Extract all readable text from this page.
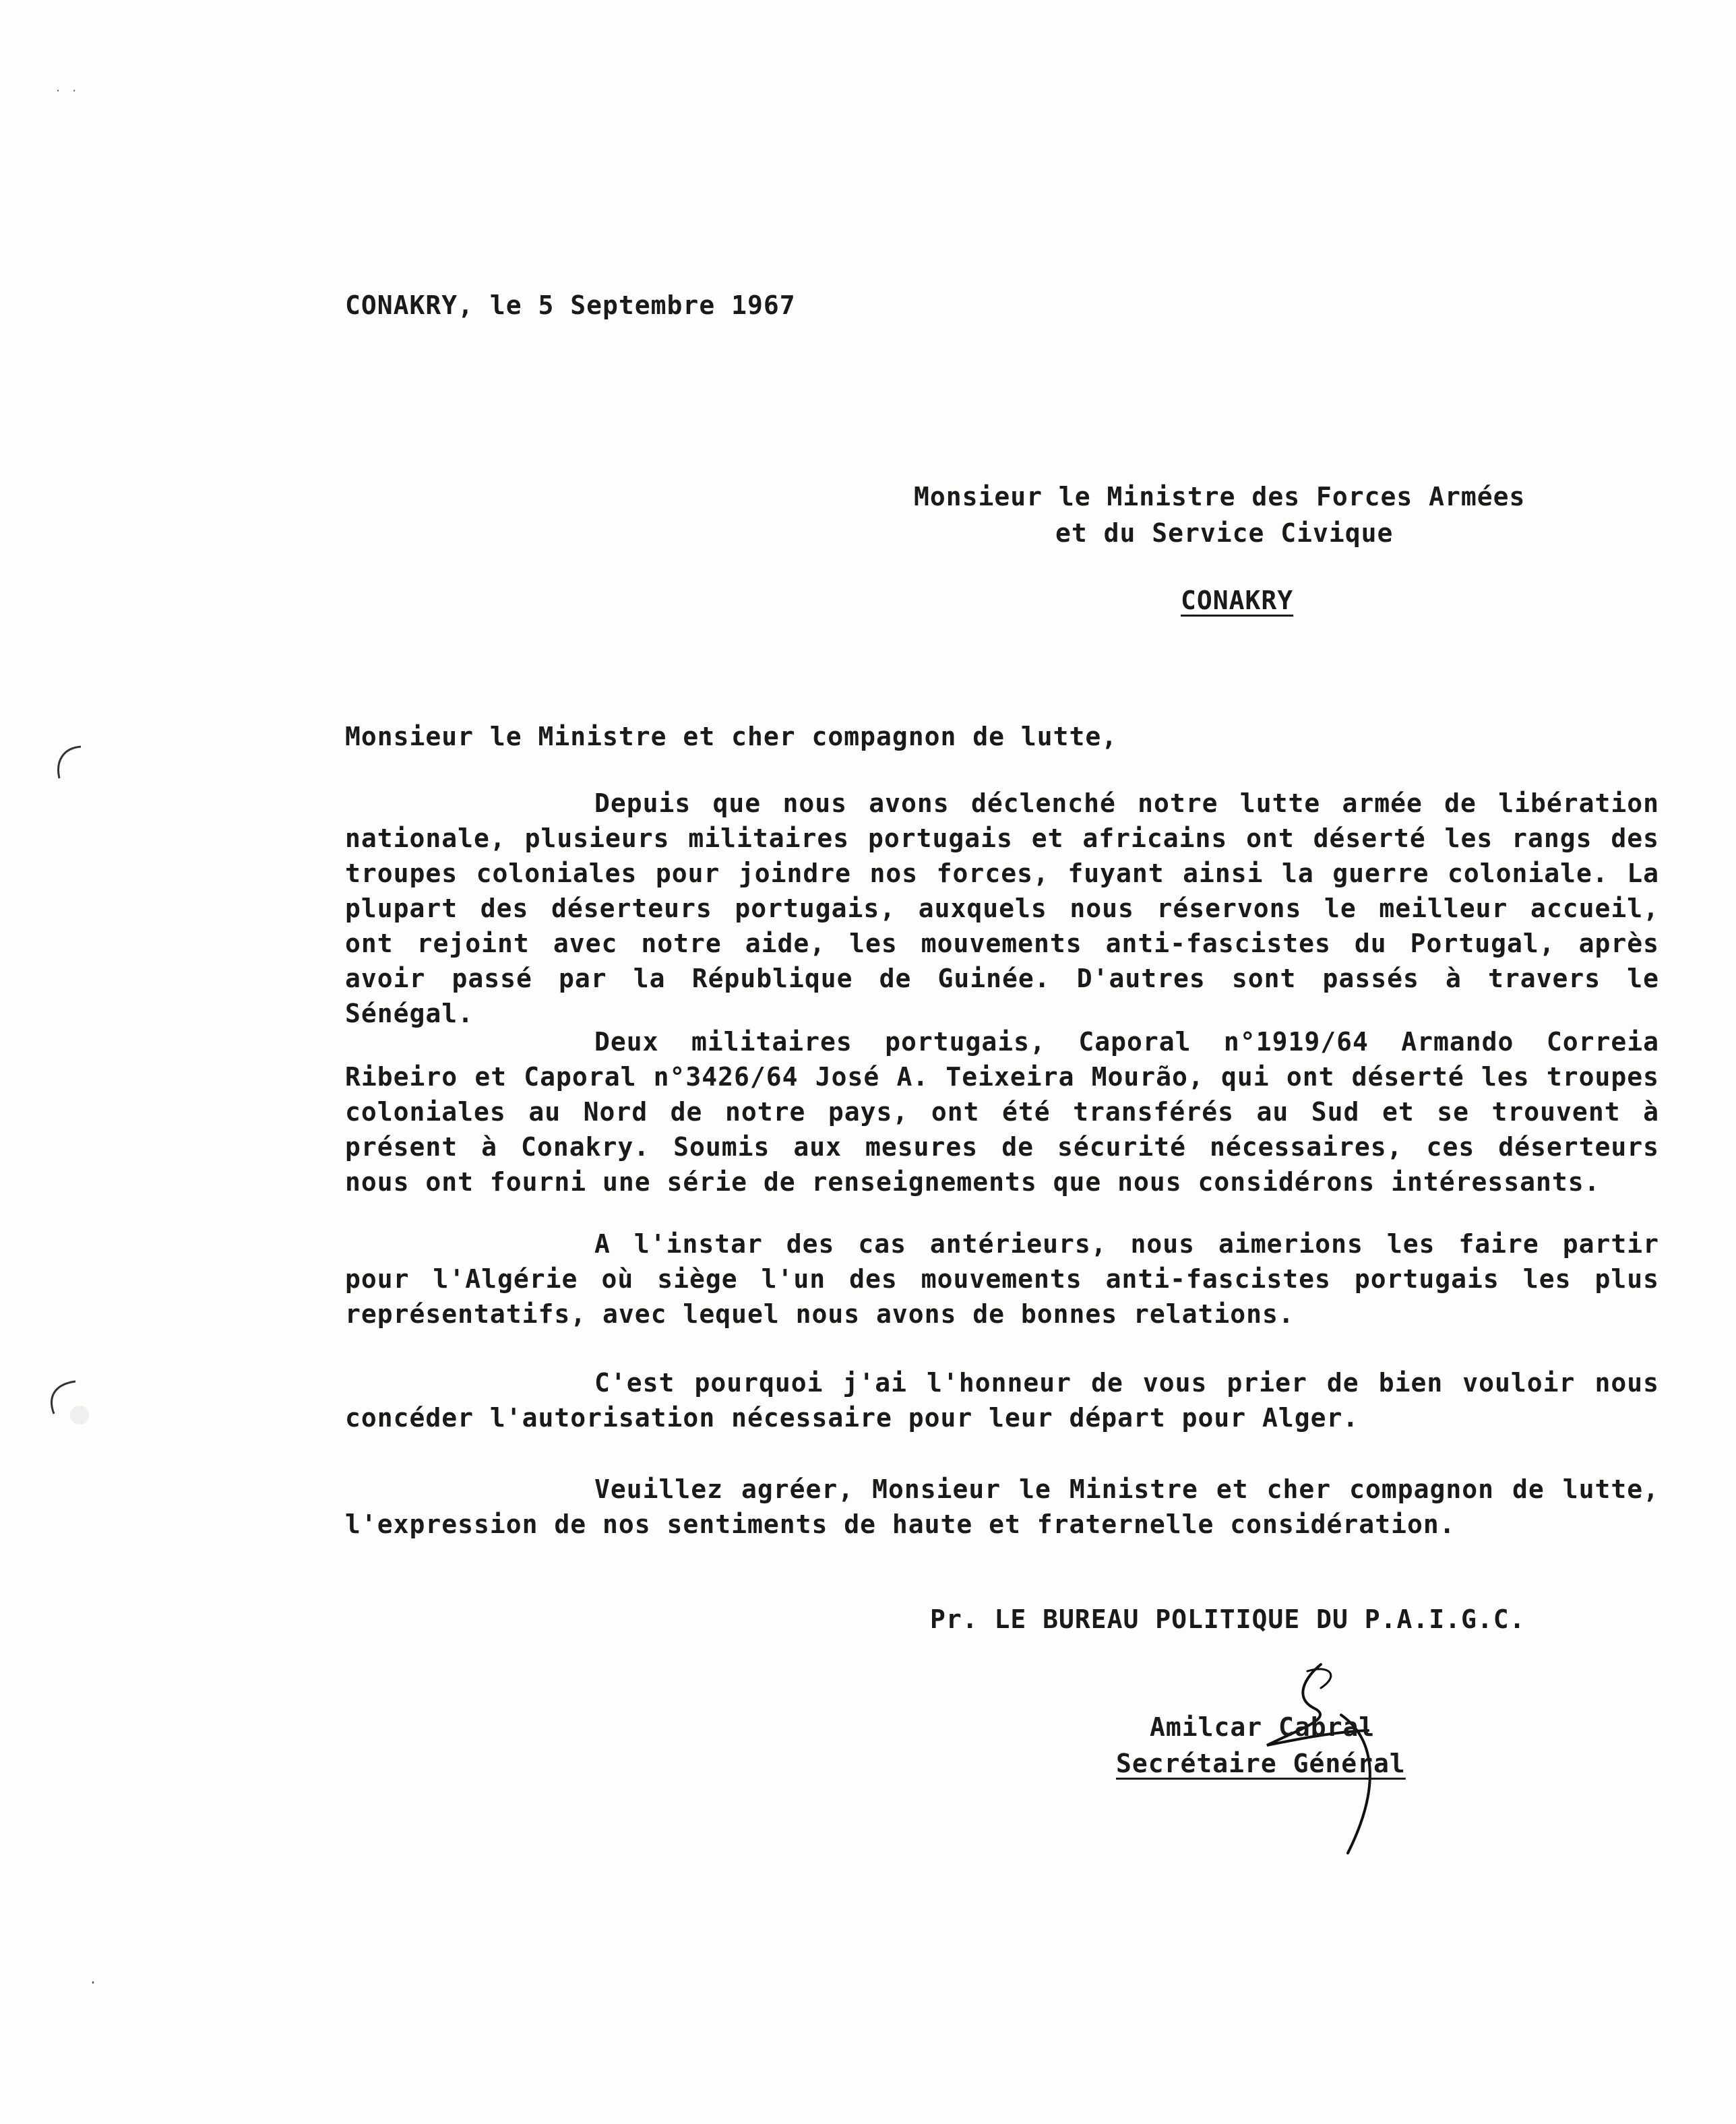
˙ ˙
CONAKRY, le 5 Septembre 1967
Monsieur le Ministre des Forces Armées
et du Service Civique
CONAKRY
Monsieur le Ministre et cher compagnon de lutte,

Depuis que nous avons déclenché notre lutte armée de libération nationale, plusieurs militaires portugais et africains ont déserté les rangs des troupes coloniales pour joindre nos forces, fuyant ainsi la guerre coloniale. La plupart des déserteurs portugais, auxquels nous réservons le meilleur accueil, ont rejoint avec notre aide, les mouvements anti-fascistes du Portugal, après avoir passé par la République de Guinée. D'autres sont passés à travers le Sénégal.

Deux militaires portugais, Caporal n°1919/64 Armando Correia Ribeiro et Caporal n°3426/64 José A. Teixeira Mourão, qui ont déserté les troupes coloniales au Nord de notre pays, ont été transférés au Sud et se trouvent à présent à Conakry. Soumis aux mesures de sécurité nécessaires, ces déserteurs nous ont fourni une série de renseignements que nous considérons intéressants.

A l'instar des cas antérieurs, nous aimerions les faire partir pour l'Algérie où siège l'un des mouvements anti-fascistes portugais les plus représentatifs, avec lequel nous avons de bonnes relations.

C'est pourquoi j'ai l'honneur de vous prier de bien vouloir nous concéder l'autorisation nécessaire pour leur départ pour Alger.

Veuillez agréer, Monsieur le Ministre et cher compagnon de lutte, l'expression de nos sentiments de haute et fraternelle considération.

Pr. LE BUREAU POLITIQUE DU P.A.I.G.C.
Amilcar Cabral
Secrétaire Général
·
